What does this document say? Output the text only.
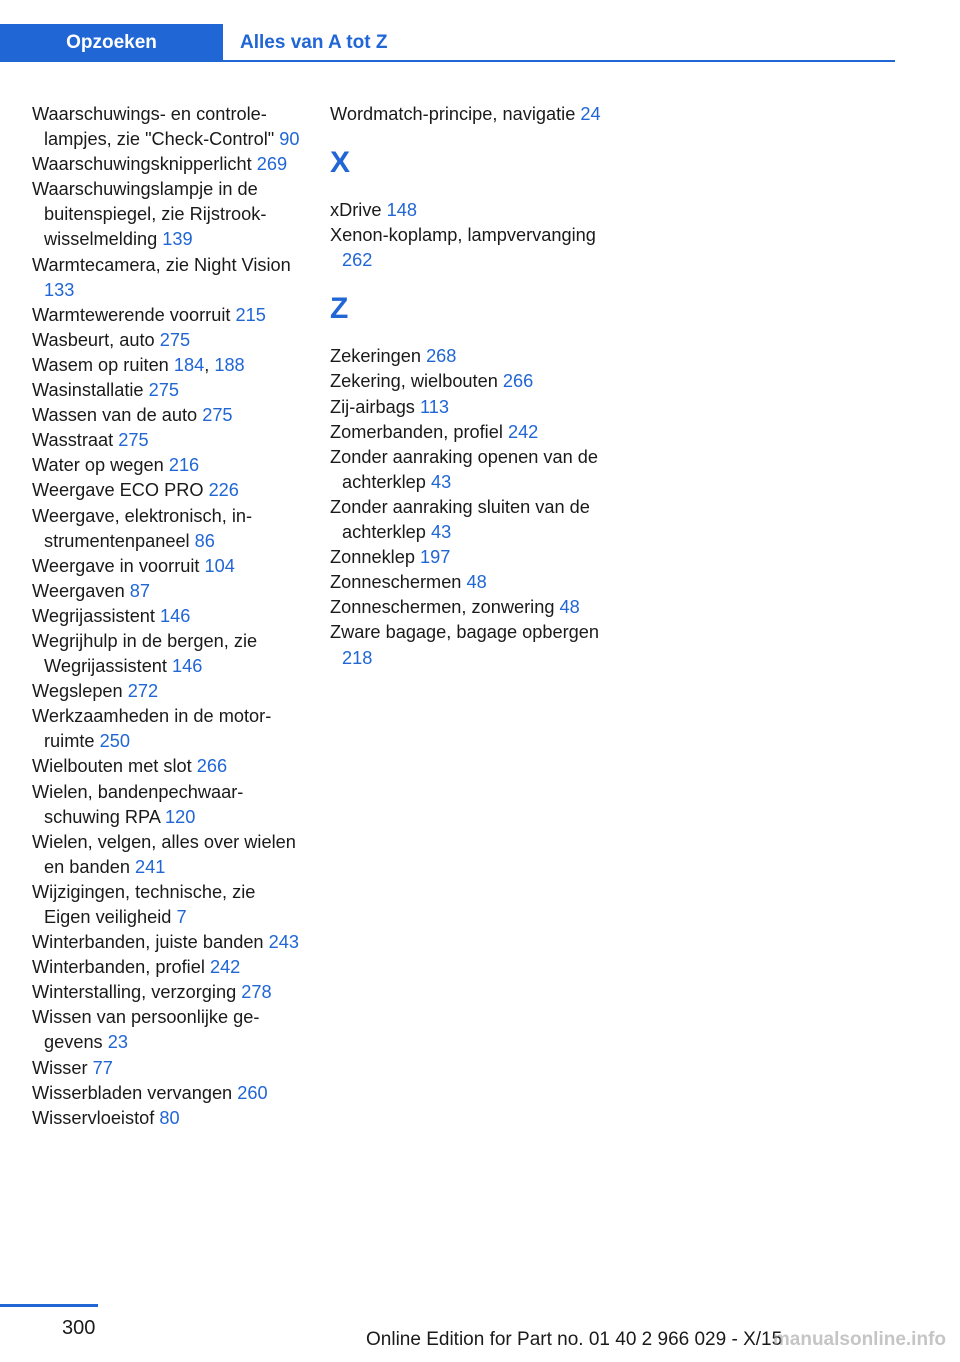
Opzoeken	Alles van A tot Z

Waarschuwings- en controlelampjes, zie "Check-Control" 90

Waarschuwingsknipperlicht 269

Waarschuwingslampje in de buitenspiegel, zie Rijstrookwisselmelding 139

Warmtecamera, zie Night Vision 133

Warmtewerende voorruit 215

Wasbeurt, auto 275

Wasem op ruiten 184, 188

Wasinstallatie 275

Wassen van de auto 275

Wasstraat 275

Water op wegen 216

Weergave ECO PRO 226

Weergave, elektronisch, instrumentenpaneel 86

Weergave in voorruit 104

Weergaven 87

Wegrijassistent 146

Wegrijhulp in de bergen, zie Wegrijassistent 146

Wegslepen 272

Werkzaamheden in de motorruimte 250

Wielbouten met slot 266

Wielen, bandenpechwaarschuwing RPA 120

Wielen, velgen, alles over wielen en banden 241

Wijzigingen, technische, zie Eigen veiligheid 7

Winterbanden, juiste banden 243

Winterbanden, profiel 242

Winterstalling, verzorging 278

Wissen van persoonlijke gegevens 23

Wisser 77

Wisserbladen vervangen 260

Wisservloeistof 80

Wordmatch-principe, navigatie 24

X

xDrive 148

Xenon-koplamp, lampvervanging 262

Z

Zekeringen 268

Zekering, wielbouten 266

Zij-airbags 113

Zomerbanden, profiel 242

Zonder aanraking openen van de achterklep 43

Zonder aanraking sluiten van de achterklep 43

Zonneklep 197

Zonneschermen 48

Zonneschermen, zonwering 48

Zware bagage, bagage opbergen 218

300
Online Edition for Part no. 01 40 2 966 029 - X/15
manualsonline.info
